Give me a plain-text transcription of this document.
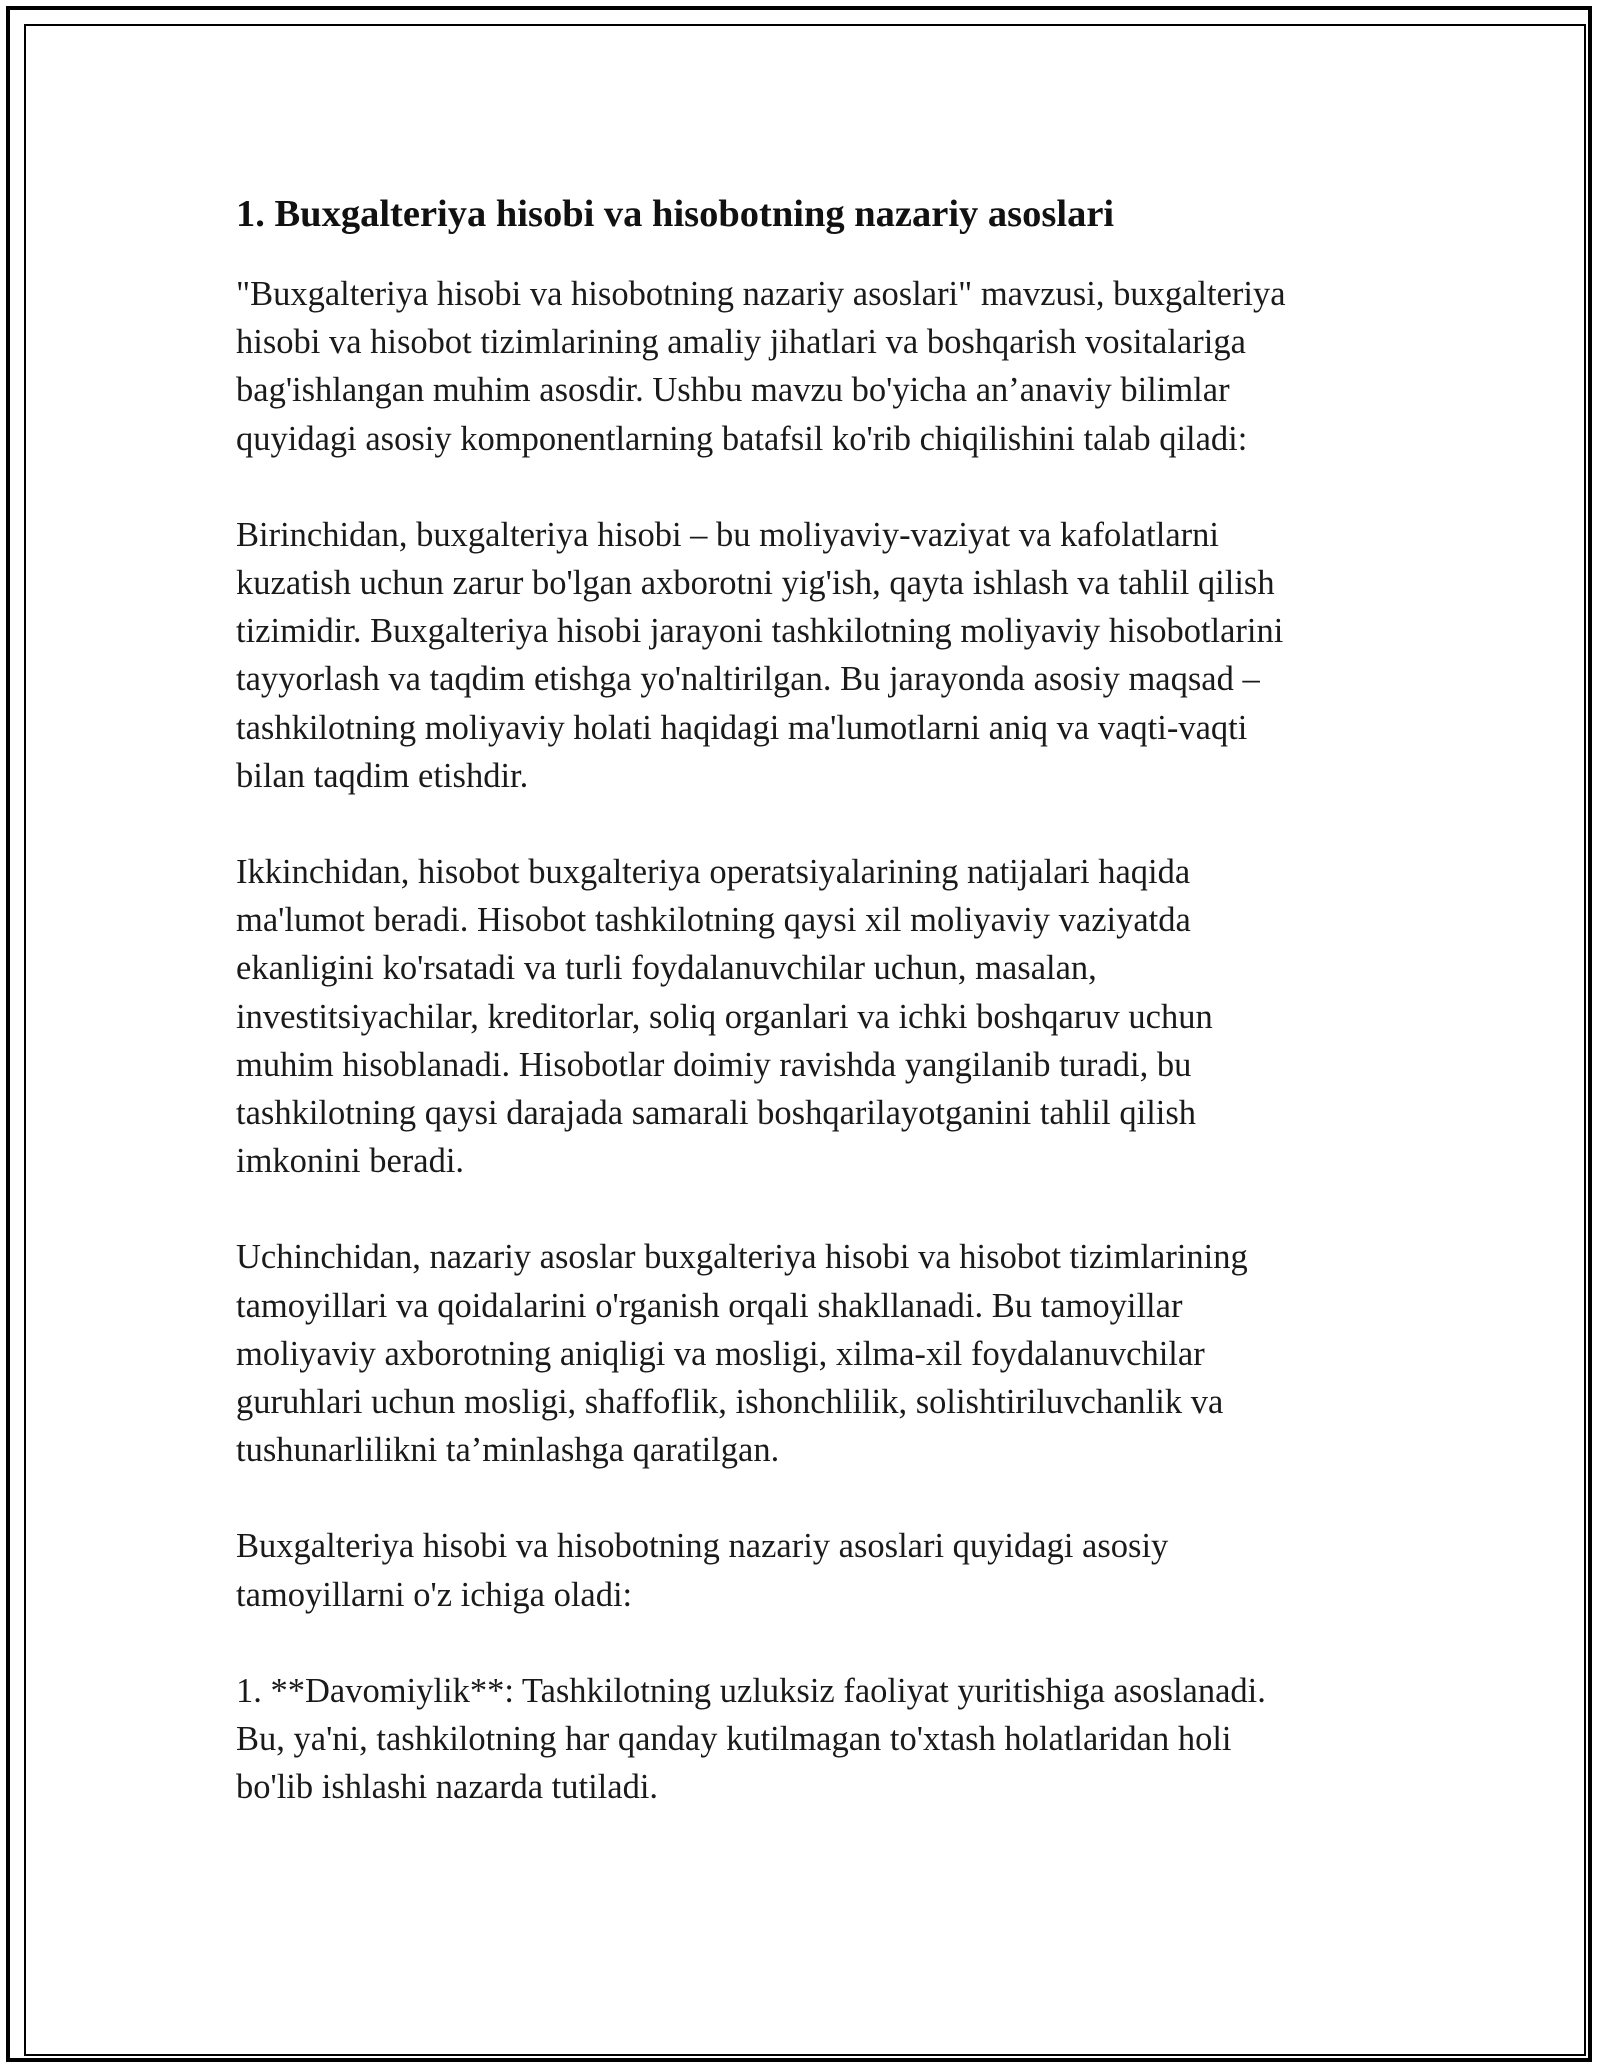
1. Buxgalteriya hisobi va hisobotning nazariy asoslari

"Buxgalteriya hisobi va hisobotning nazariy asoslari" mavzusi, buxgalteriya
hisobi va hisobot tizimlarining amaliy jihatlari va boshqarish vositalariga
bag'ishlangan muhim asosdir. Ushbu mavzu bo'yicha an’anaviy bilimlar
quyidagi asosiy komponentlarning batafsil ko'rib chiqilishini talab qiladi:

Birinchidan, buxgalteriya hisobi – bu moliyaviy-vaziyat va kafolatlarni
kuzatish uchun zarur bo'lgan axborotni yig'ish, qayta ishlash va tahlil qilish
tizimidir. Buxgalteriya hisobi jarayoni tashkilotning moliyaviy hisobotlarini
tayyorlash va taqdim etishga yo'naltirilgan. Bu jarayonda asosiy maqsad –
tashkilotning moliyaviy holati haqidagi ma'lumotlarni aniq va vaqti-vaqti
bilan taqdim etishdir.

Ikkinchidan, hisobot buxgalteriya operatsiyalarining natijalari haqida
ma'lumot beradi. Hisobot tashkilotning qaysi xil moliyaviy vaziyatda
ekanligini ko'rsatadi va turli foydalanuvchilar uchun, masalan,
investitsiyachilar, kreditorlar, soliq organlari va ichki boshqaruv uchun
muhim hisoblanadi. Hisobotlar doimiy ravishda yangilanib turadi, bu
tashkilotning qaysi darajada samarali boshqarilayotganini tahlil qilish
imkonini beradi.

Uchinchidan, nazariy asoslar buxgalteriya hisobi va hisobot tizimlarining
tamoyillari va qoidalarini o'rganish orqali shakllanadi. Bu tamoyillar
moliyaviy axborotning aniqligi va mosligi, xilma-xil foydalanuvchilar
guruhlari uchun mosligi, shaffoflik, ishonchlilik, solishtiriluvchanlik va
tushunarlilikni ta’minlashga qaratilgan.

Buxgalteriya hisobi va hisobotning nazariy asoslari quyidagi asosiy
tamoyillarni o'z ichiga oladi:

1. **Davomiylik**: Tashkilotning uzluksiz faoliyat yuritishiga asoslanadi.
Bu, ya'ni, tashkilotning har qanday kutilmagan to'xtash holatlaridan holi
bo'lib ishlashi nazarda tutiladi.
